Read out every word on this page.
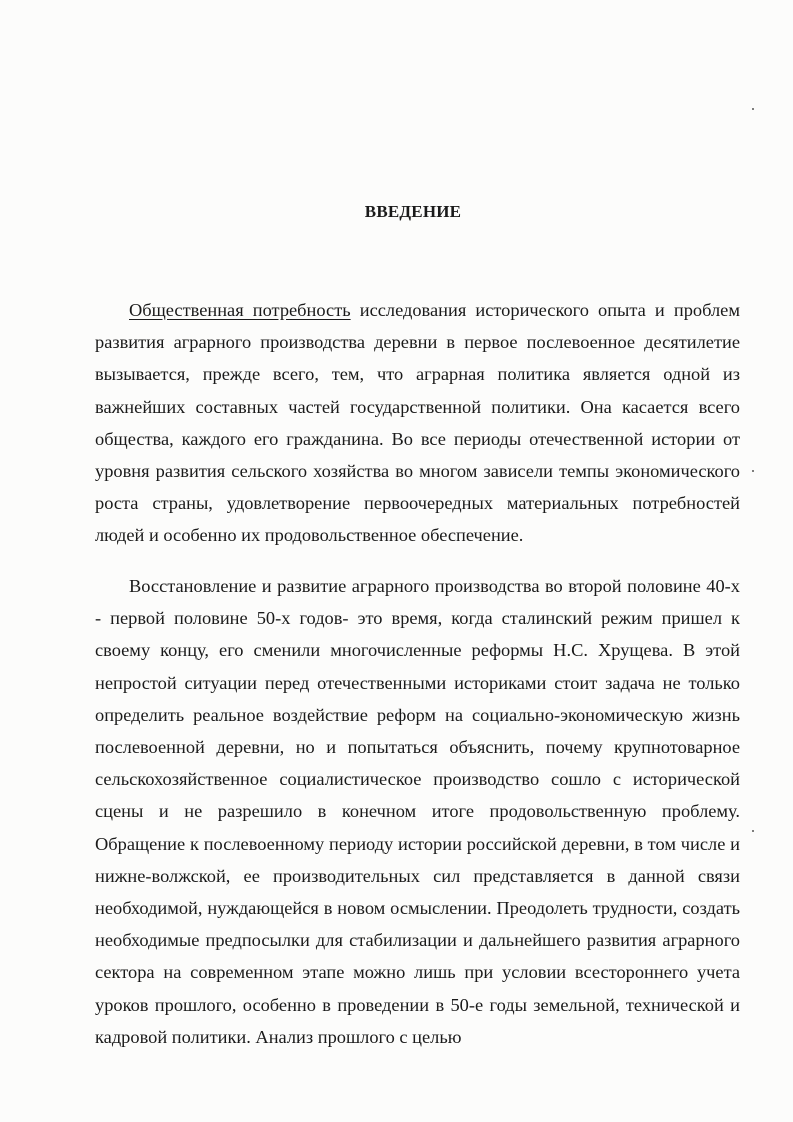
ВВЕДЕНИЕ

Общественная потребность исследования исторического опыта и проблем развития аграрного производства деревни в первое послевоенное десятилетие вызывается, прежде всего, тем, что аграрная политика является одной из важнейших составных частей государственной политики. Она касается всего общества, каждого его гражданина. Во все периоды отечественной истории от уровня развития сельского хозяйства во многом зависели темпы экономического роста страны, удовлетворение первоочередных материальных потребностей людей и особенно их продовольственное обеспечение.

Восстановление и развитие аграрного производства во второй половине 40-х - первой половине 50-х годов- это время, когда сталинский режим пришел к своему концу, его сменили многочисленные реформы Н.С. Хрущева. В этой непростой ситуации перед отечественными историками стоит задача не только определить реальное воздействие реформ на социально-экономическую жизнь послевоенной деревни, но и попытаться объяснить, почему крупнотоварное сельскохозяйственное социалистическое производство сошло с исторической сцены и не разрешило в конечном итоге продовольственную проблему. Обращение к послевоенному периоду истории российской деревни, в том числе и нижне-волжской, ее производительных сил представляется в данной связи необходимой, нуждающейся в новом осмыслении. Преодолеть трудности, создать необходимые предпосылки для стабилизации и дальнейшего развития аграрного сектора на современном этапе можно лишь при условии всестороннего учета уроков прошлого, особенно в проведении в 50-е годы земельной, технической и кадровой политики. Анализ прошлого с целью
